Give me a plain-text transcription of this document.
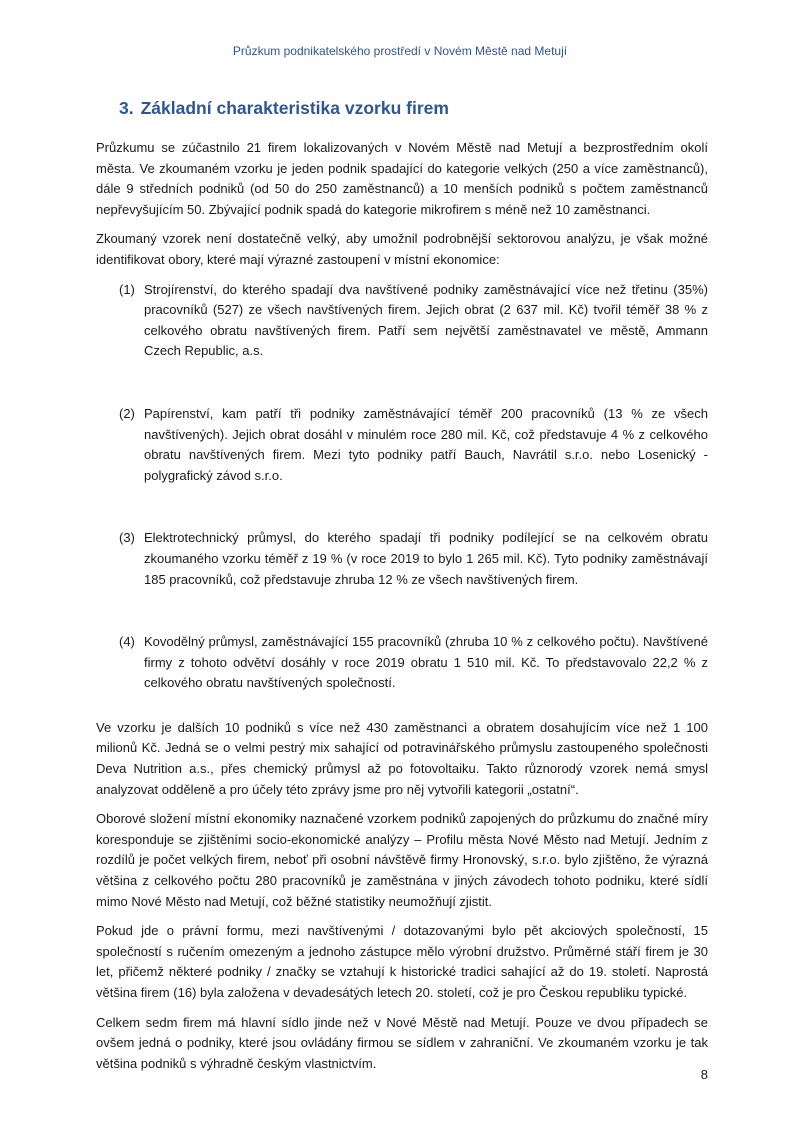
Průzkum podnikatelského prostředí v Novém Městě nad Metují
3. Základní charakteristika vzorku firem

Průzkumu se zúčastnilo 21 firem lokalizovaných v Novém Městě nad Metují a bezprostředním okolí města. Ve zkoumaném vzorku je jeden podnik spadající do kategorie velkých (250 a více zaměstnanců), dále 9 středních podniků (od 50 do 250 zaměstnanců) a 10 menších podniků s počtem zaměstnanců nepřevyšujícím 50. Zbývající podnik spadá do kategorie mikrofirem s méně než 10 zaměstnanci.

Zkoumaný vzorek není dostatečně velký, aby umožnil podrobnější sektorovou analýzu, je však možné identifikovat obory, které mají výrazné zastoupení v místní ekonomice:

(1) Strojírenství, do kterého spadají dva navštívené podniky zaměstnávající více než třetinu (35%) pracovníků (527) ze všech navštívených firem. Jejich obrat (2 637 mil. Kč) tvořil téměř 38 % z celkového obratu navštívených firem. Patří sem největší zaměstnavatel ve městě, Ammann Czech Republic, a.s.
(2) Papírenství, kam patří tři podniky zaměstnávající téměř 200 pracovníků (13 % ze všech navštívených). Jejich obrat dosáhl v minulém roce 280 mil. Kč, což představuje 4 % z celkového obratu navštívených firem. Mezi tyto podniky patří Bauch, Navrátil s.r.o. nebo Losenický - polygrafický závod s.r.o.
(3) Elektrotechnický průmysl, do kterého spadají tři podniky podílející se na celkovém obratu zkoumaného vzorku téměř z 19 % (v roce 2019 to bylo 1 265 mil. Kč). Tyto podniky zaměstnávají 185 pracovníků, což představuje zhruba 12 % ze všech navštívených firem.
(4) Kovodělný průmysl, zaměstnávající 155 pracovníků (zhruba 10 % z celkového počtu). Navštívené firmy z tohoto odvětví dosáhly v roce 2019 obratu 1 510 mil. Kč. To představovalo 22,2 % z celkového obratu navštívených společností.

Ve vzorku je dalších 10 podniků s více než 430 zaměstnanci a obratem dosahujícím více než 1 100 milionů Kč. Jedná se o velmi pestrý mix sahající od potravinářského průmyslu zastoupeného společnosti Deva Nutrition a.s., přes chemický průmysl až po fotovoltaiku. Takto různorodý vzorek nemá smysl analyzovat odděleně a pro účely této zprávy jsme pro něj vytvořili kategorii „ostatní“.

Oborové složení místní ekonomiky naznačené vzorkem podniků zapojených do průzkumu do značné míry koresponduje se zjištěními socio-ekonomické analýzy – Profilu města Nové Město nad Metují. Jedním z rozdílů je počet velkých firem, neboť při osobní návštěvě firmy Hronovský, s.r.o. bylo zjištěno, že výrazná většina z celkového počtu 280 pracovníků je zaměstnána v jiných závodech tohoto podniku, které sídlí mimo Nové Město nad Metují, což běžné statistiky neumožňují zjistit.

Pokud jde o právní formu, mezi navštívenými / dotazovanými bylo pět akciových společností, 15 společností s ručením omezeným a jednoho zástupce mělo výrobní družstvo. Průměrné stáří firem je 30 let, přičemž některé podniky / značky se vztahují k historické tradici sahající až do 19. století. Naprostá většina firem (16) byla založena v devadesátých letech 20. století, což je pro Českou republiku typické.

Celkem sedm firem má hlavní sídlo jinde než v Nové Městě nad Metují. Pouze ve dvou případech se ovšem jedná o podniky, které jsou ovládány firmou se sídlem v zahraniční. Ve zkoumaném vzorku je tak většina podniků s výhradně českým vlastnictvím.

8
